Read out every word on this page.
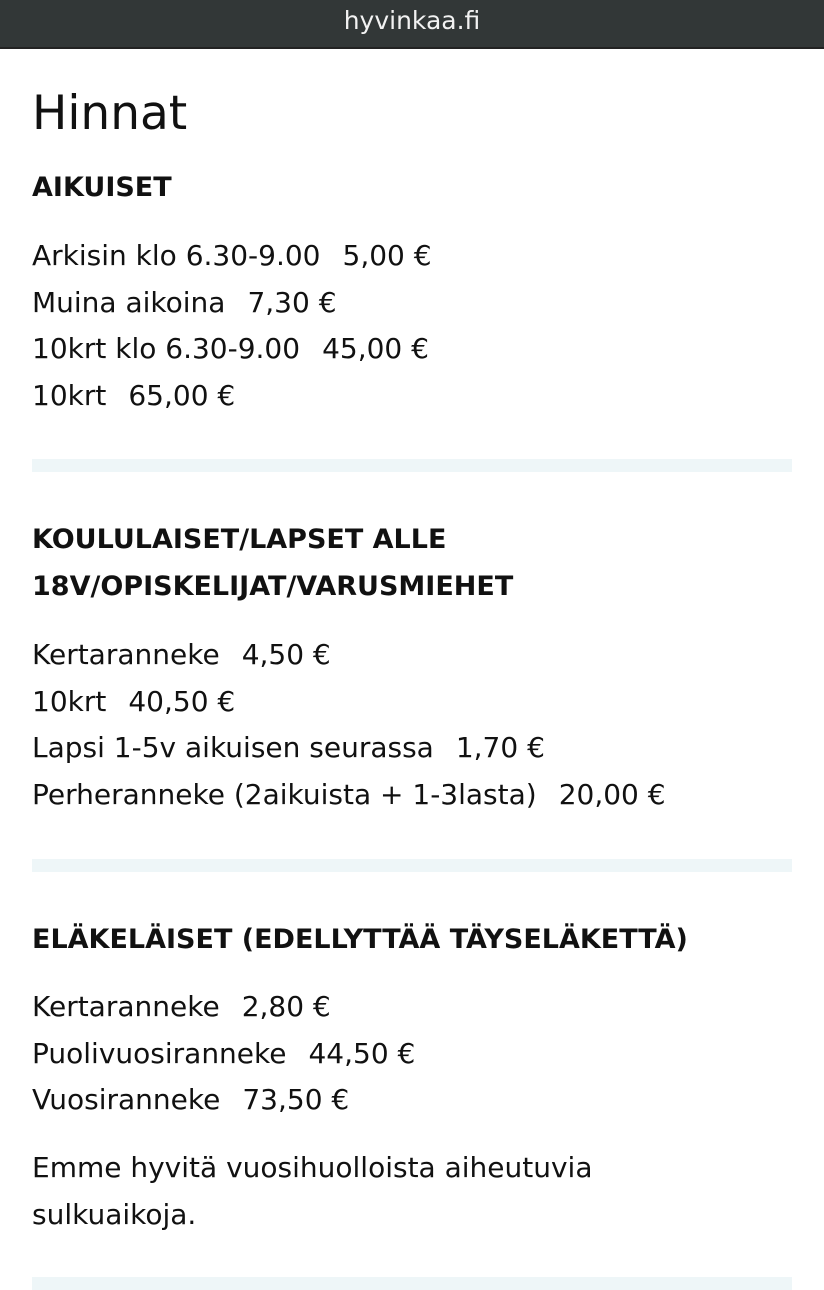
hyvinkaa.fi
Hinnat
AIKUISET
Arkisin klo 6.30-9.00 5,00 €
Muina aikoina 7,30 €
10krt klo 6.30-9.00 45,00 €
10krt 65,00 €
KOULULAISET/LAPSET ALLE 18V/OPISKELIJAT/VARUSMIEHET
Kertaranneke 4,50 €
10krt 40,50 €
Lapsi 1-5v aikuisen seurassa 1,70 €
Perheranneke (2aikuista + 1-3lasta) 20,00 €
ELÄKELÄISET (EDELLYTTÄÄ TÄYSELÄKETTÄ)
Kertaranneke 2,80 €
Puolivuosiranneke 44,50 €
Vuosiranneke 73,50 €

Emme hyvitä vuosihuolloista aiheutuvia sulkuaikoja.
